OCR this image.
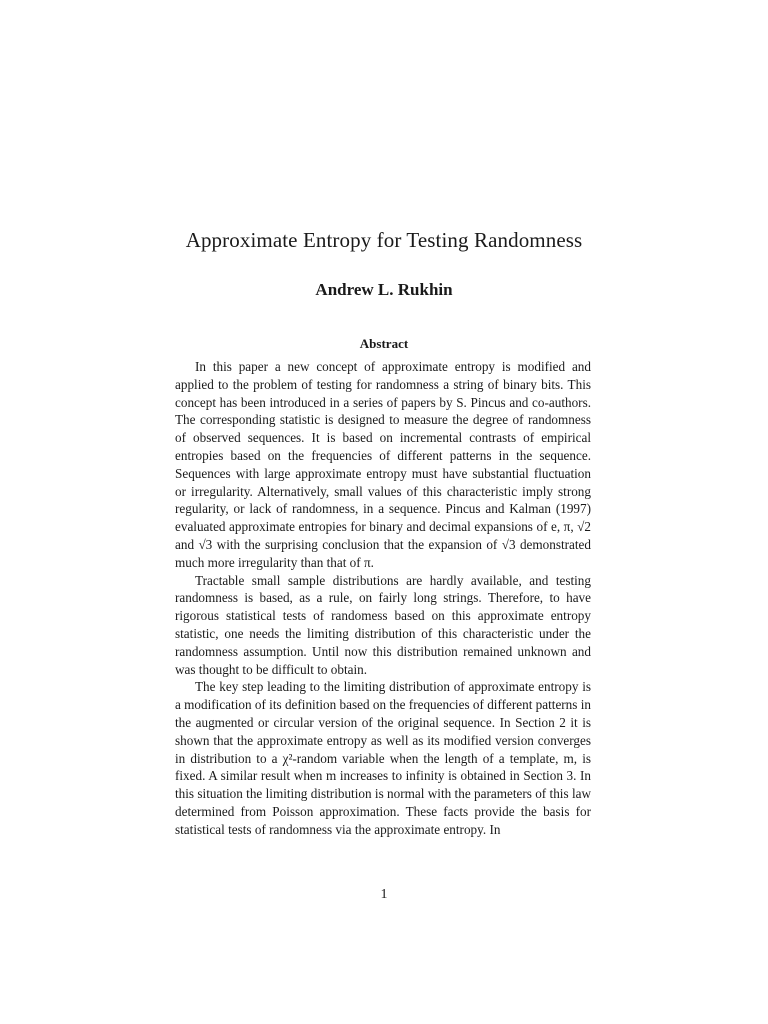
Approximate Entropy for Testing Randomness
Andrew L. Rukhin
Abstract

In this paper a new concept of approximate entropy is modified and applied to the problem of testing for randomness a string of binary bits. This concept has been introduced in a series of papers by S. Pincus and co-authors. The corresponding statistic is designed to measure the degree of randomness of observed sequences. It is based on incremental contrasts of empirical entropies based on the frequencies of different patterns in the sequence. Sequences with large approximate entropy must have substantial fluctuation or irregularity. Alternatively, small values of this characteristic imply strong regularity, or lack of randomness, in a sequence. Pincus and Kalman (1997) evaluated approximate entropies for binary and decimal expansions of e, π, √2 and √3 with the surprising conclusion that the expansion of √3 demonstrated much more irregularity than that of π.

Tractable small sample distributions are hardly available, and testing randomness is based, as a rule, on fairly long strings. Therefore, to have rigorous statistical tests of randomess based on this approximate entropy statistic, one needs the limiting distribution of this characteristic under the randomness assumption. Until now this distribution remained unknown and was thought to be difficult to obtain.

The key step leading to the limiting distribution of approximate entropy is a modification of its definition based on the frequencies of different patterns in the augmented or circular version of the original sequence. In Section 2 it is shown that the approximate entropy as well as its modified version converges in distribution to a χ²-random variable when the length of a template, m, is fixed. A similar result when m increases to infinity is obtained in Section 3. In this situation the limiting distribution is normal with the parameters of this law determined from Poisson approximation. These facts provide the basis for statistical tests of randomness via the approximate entropy. In

1
